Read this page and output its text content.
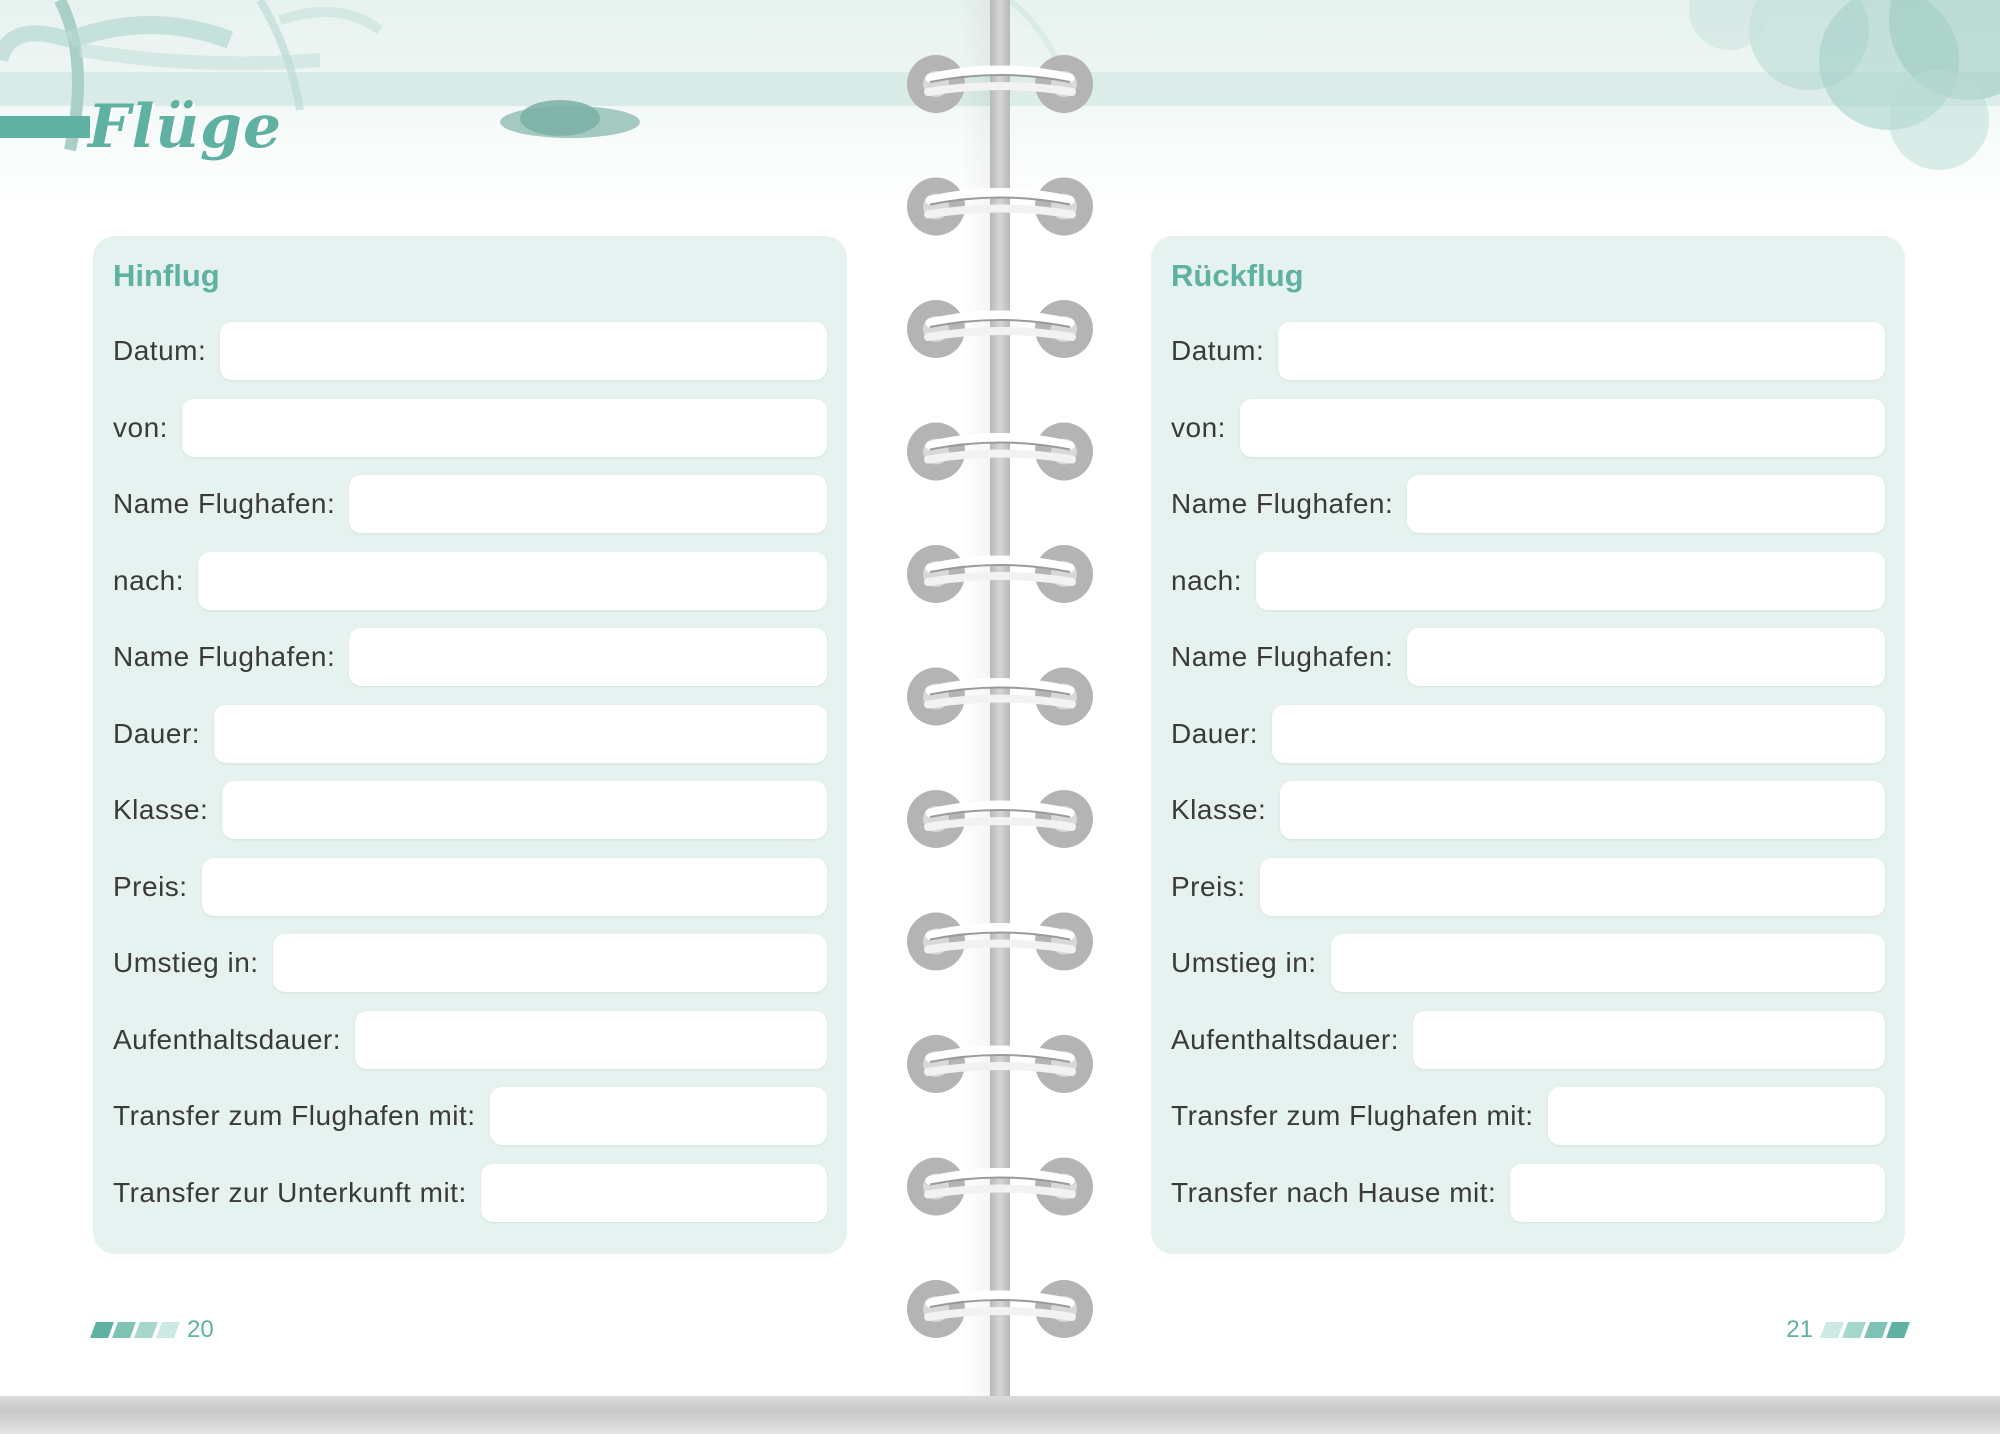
Flüge
Hinflug
Datum:
von:
Name Flughafen:
nach:
Name Flughafen:
Dauer:
Klasse:
Preis:
Umstieg in:
Aufenthaltsdauer:
Transfer zum Flughafen mit:
Transfer zur Unterkunft mit:
20
Rückflug
Datum:
von:
Name Flughafen:
nach:
Name Flughafen:
Dauer:
Klasse:
Preis:
Umstieg in:
Aufenthaltsdauer:
Transfer zum Flughafen mit:
Transfer nach Hause mit:
21
